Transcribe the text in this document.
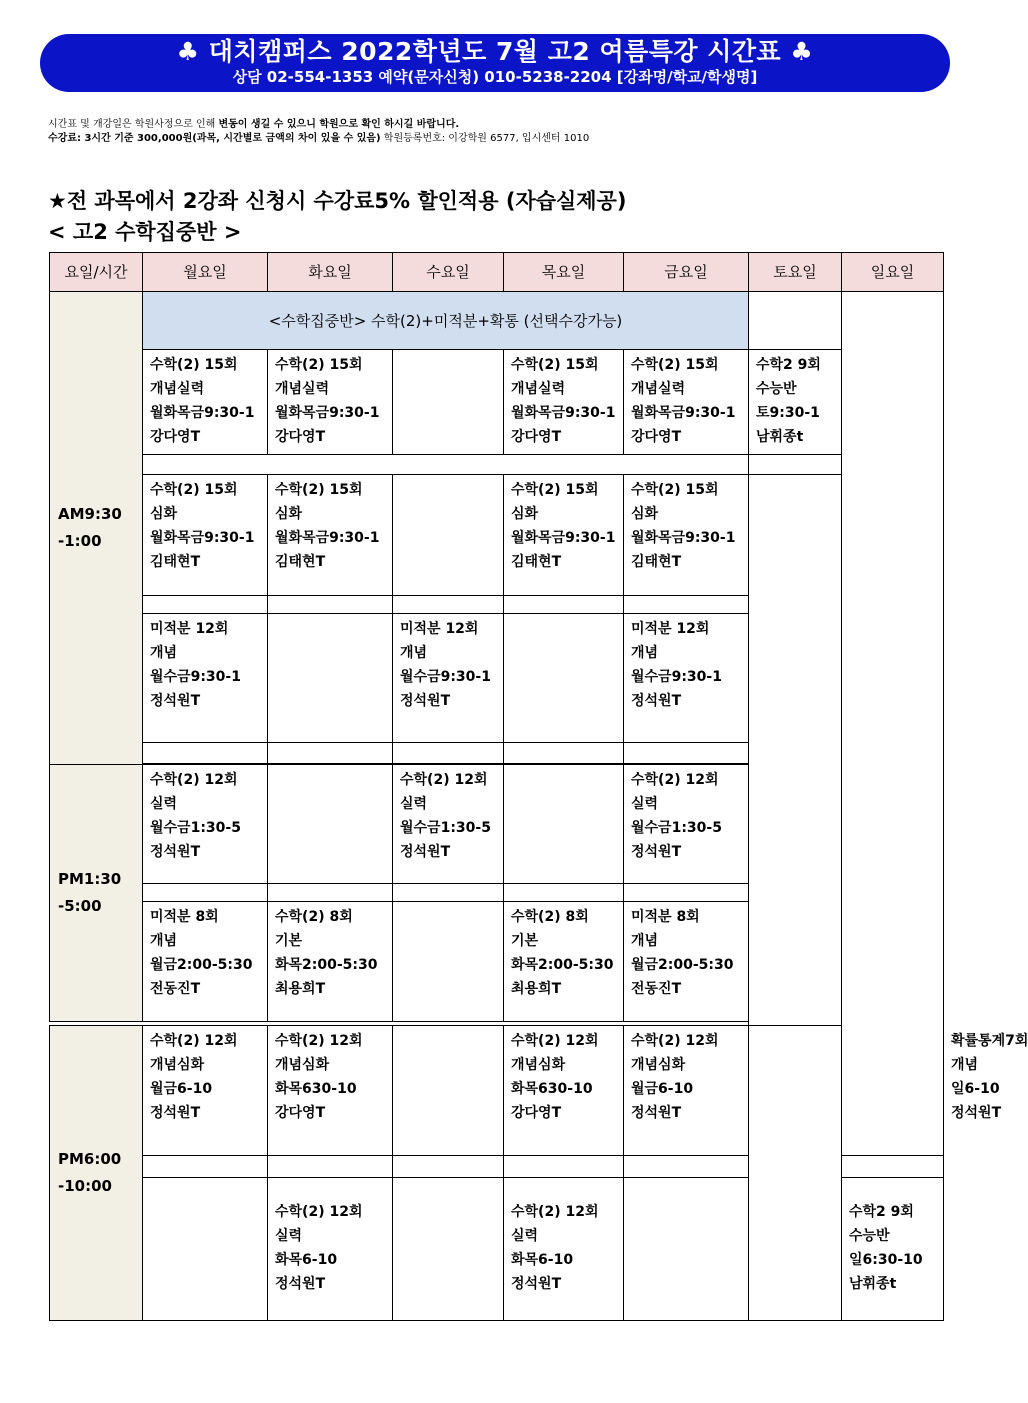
♣ 대치캠퍼스 2022학년도 7월 고2 여름특강 시간표 ♣
상담 02-554-1353 예약(문자신청) 010-5238-2204 [강좌명/학교/학생명]
시간표 및 개강일은 학원사정으로 인해 변동이 생길 수 있으니 학원으로 확인 하시길 바랍니다.
수강료: 3시간 기준 300,000원(과목, 시간별로 금액의 차이 있을 수 있음) 학원등록번호: 이강학원 6577, 입시센터 1010
★전 과목에서 2강좌 신청시 수강료5% 할인적용 (자습실제공)
< 고2 수학집중반 >
요일/시간	월요일	화요일	수요일	목요일	금요일	토요일	일요일	
AM9:30
-1:00	<수학집중반> 수학(2)+미적분+확통 (선택수강가능)							

	수학(2) 15회
개념실력
월화목금9:30-1
강다영T	수학(2) 15회
개념실력
월화목금9:30-1
강다영T		수학(2) 15회
개념실력
월화목금9:30-1
강다영T	수학(2) 15회
개념실력
월화목금9:30-1
강다영T	수학2 9회
수능반
토9:30-1
남휘종t		

	수학(2) 15회
심화
월화목금9:30-1
김태현T	수학(2) 15회
심화
월화목금9:30-1
김태현T		수학(2) 15회
심화
월화목금9:30-1
김태현T	수학(2) 15회
심화
월화목금9:30-1
김태현T			

	미적분 12회
개념
월수금9:30-1
정석원T		미적분 12회
개념
월수금9:30-1
정석원T		미적분 12회
개념
월수금9:30-1
정석원T			

PM1:30
-5:00	수학(2) 12회
실력
월수금1:30-5
정석원T		수학(2) 12회
실력
월수금1:30-5
정석원T		수학(2) 12회
실력
월수금1:30-5
정석원T			

	미적분 8회
개념
월금2:00-5:30
전동진T	수학(2) 8회
기본
화목2:00-5:30
최용희T		수학(2) 8회
기본
화목2:00-5:30
최용희T	미적분 8회
개념
월금2:00-5:30
전동진T			

PM6:00
-10:00	수학(2) 12회
개념심화
월금6-10
정석원T	수학(2) 12회
개념심화
화목630-10
강다영T		수학(2) 12회
개념심화
화목630-10
강다영T	수학(2) 12회
개념심화
월금6-10
정석원T			확률통계7회
개념
일6-10
정석원T

		수학(2) 12회
실력
화목6-10
정석원T		수학(2) 12회
실력
화목6-10
정석원T			수학2 9회
수능반
일6:30-10
남휘종t	
